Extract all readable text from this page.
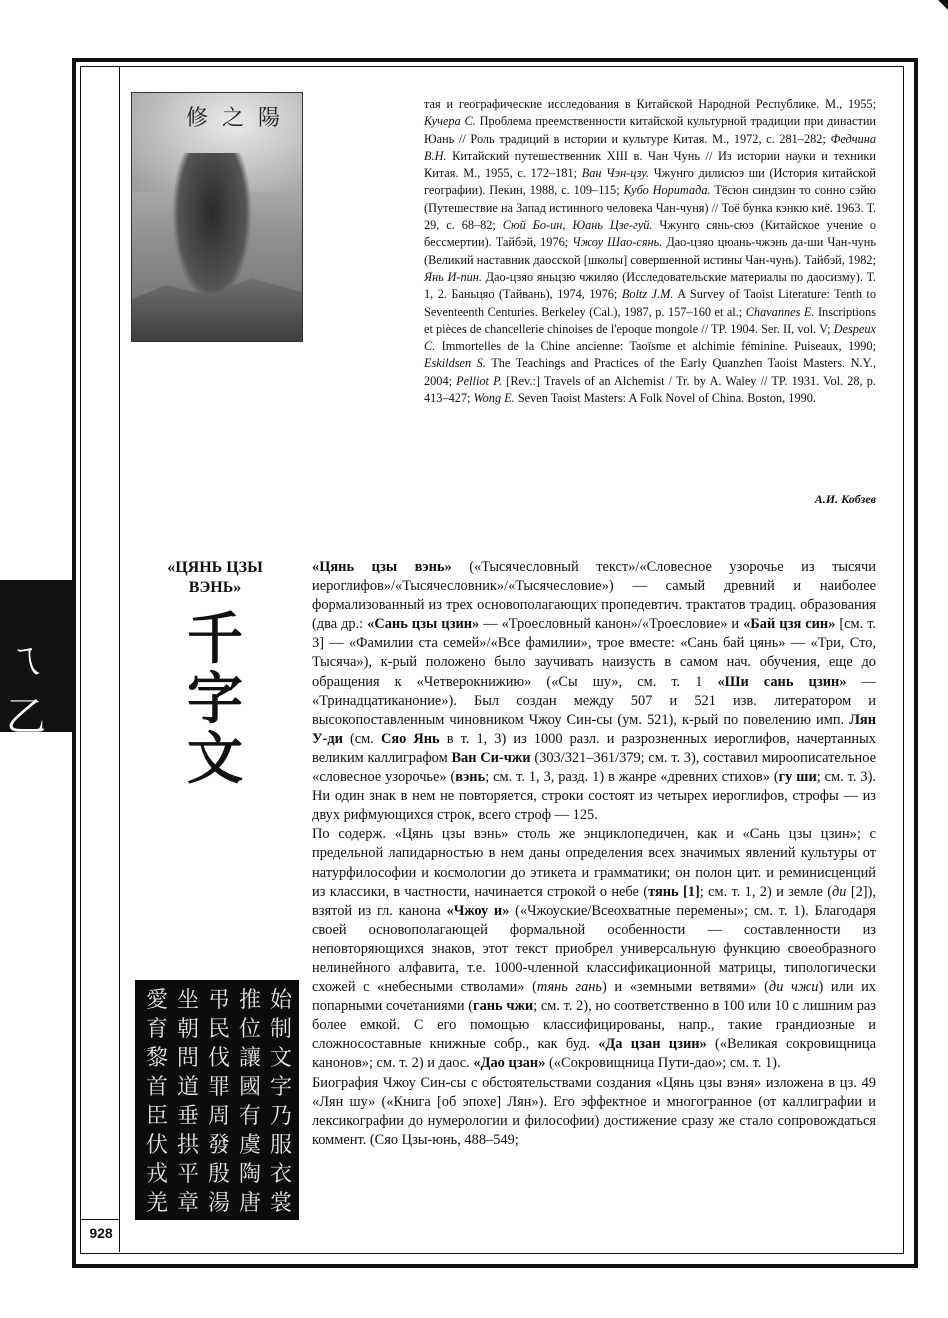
ㄟ乙
修之陽
тая и географические исследования в Китайской Народной Республике. М., 1955; Кучера С. Проблема преемственности китайской культурной традиции при династии Юань // Роль традиций в истории и культуре Китая. М., 1972, с. 281–282; Федчина В.Н. Китайский путешественник XIII в. Чан Чунь // Из истории науки и техники Китая. М., 1955, с. 172–181; Ван Чэн-цзу. Чжунго дилисюэ ши (История китайской географии). Пекин, 1988, с. 109–115; Кубо Норитада. Тёсюн синдзин то сонно сэйю (Путешествие на Запад истинного человека Чан-чуня) // Тоё бунка кэнкю киё. 1963. Т. 29, с. 68–82; Сюй Бо-ин, Юань Цзе-гуй. Чжунго сянь-сюэ (Китайское учение о бессмертии). Тайбэй, 1976; Чжоу Шао-сянь. Дао-цзяо цюань-чжэнь да-ши Чан-чунь (Великий наставник даосской [школы] совершенной истины Чан-чунь). Тайбэй, 1982; Янь И-пин. Дао-цзяо яньцзю чжиляо (Исследовательские материалы по даосизму). Т. 1, 2. Баньцяо (Тайвань), 1974, 1976; Boltz J.M. A Survey of Taoist Literature: Tenth to Seventeenth Centuries. Berkeley (Cal.), 1987, p. 157–160 et al.; Chavannes E. Inscriptions et pièces de chancellerie chinoises de l'epoque mongole // TP. 1904. Ser. II, vol. V; Despeux C. Immortelles de la Chine ancienne: Taoïsme et alchimie féminine. Puiseaux, 1990; Eskildsen S. The Teachings and Practices of the Early Quanzhen Taoist Masters. N.Y., 2004; Pelliot P. [Rev.:] Travels of an Alchemist / Tr. by A. Waley // TP. 1931. Vol. 28, p. 413–427; Wong E. Seven Taoist Masters: A Folk Novel of China. Boston, 1990.
А.И. Кобзев
«ЦЯНЬ ЦЗЫ ВЭНЬ»
千
字
文
始制文字乃服衣裳
推位讓國有虞陶唐
弔民伐罪周發殷湯
坐朝問道垂拱平章
愛育黎首臣伏戎羌

«Цянь цзы вэнь» («Тысячесловный текст»/«Словесное узорочье из тысячи иероглифов»/«Тысячесловник»/«Тысячесловие») — самый древний и наиболее формализованный из трех основополагающих пропедевтич. трактатов традиц. образования (два др.: «Сань цзы цзин» — «Троесловный канон»/«Троесловие» и «Бай цзя син» [см. т. 3] — «Фамилии ста семей»/«Все фамилии», трое вместе: «Сань бай цянь» — «Три, Сто, Тысяча»), к-рый положено было заучивать наизусть в самом нач. обучения, еще до обращения к «Четверокнижию» («Сы шу», см. т. 1 «Ши сань цзин» — «Тринадцатиканоние»). Был создан между 507 и 521 изв. литератором и высокопоставленным чиновником Чжоу Син-сы (ум. 521), к-рый по повелению имп. Лян У-ди (см. Сяо Янь в т. 1, 3) из 1000 разл. и разрозненных иероглифов, начертанных великим каллиграфом Ван Си-чжи (303/321–361/379; см. т. 3), составил мироописательное «словесное узорочье» (вэнь; см. т. 1, 3, разд. 1) в жанре «древних стихов» (гу ши; см. т. 3). Ни один знак в нем не повторяется, строки состоят из четырех иероглифов, строфы — из двух рифмующихся строк, всего строф — 125.

По содерж. «Цянь цзы вэнь» столь же энциклопедичен, как и «Сань цзы цзин»; с предельной лапидарностью в нем даны определения всех значимых явлений культуры от натурфилософии и космологии до этикета и грамматики; он полон цит. и реминисценций из классики, в частности, начинается строкой о небе (тянь [1]; см. т. 1, 2) и земле (ди [2]), взятой из гл. канона «Чжоу и» («Чжоуские/Всеохватные перемены»; см. т. 1). Благодаря своей основополагающей формальной особенности — составленности из неповторяющихся знаков, этот текст приобрел универсальную функцию своеобразного нелинейного алфавита, т.е. 1000-членной классификационной матрицы, типологически схожей с «небесными стволами» (тянь гань) и «земными ветвями» (ди чжи) или их попарными сочетаниями (гань чжи; см. т. 2), но соответственно в 100 или 10 с лишним раз более емкой. С его помощью классифицированы, напр., такие грандиозные и сложносоставные книжные собр., как буд. «Да цзан цзин» («Великая сокровищница канонов»; см. т. 2) и даос. «Дао цзан» («Сокровищница Пути-дао»; см. т. 1).

Биография Чжоу Син-сы с обстоятельствами создания «Цянь цзы вэня» изложена в цз. 49 «Лян шу» («Книга [об эпохе] Лян»). Его эффектное и многогранное (от каллиграфии и лексикографии до нумерологии и философии) достижение сразу же стало сопровождаться коммент. (Сяо Цзы-юнь, 488–549;

928
